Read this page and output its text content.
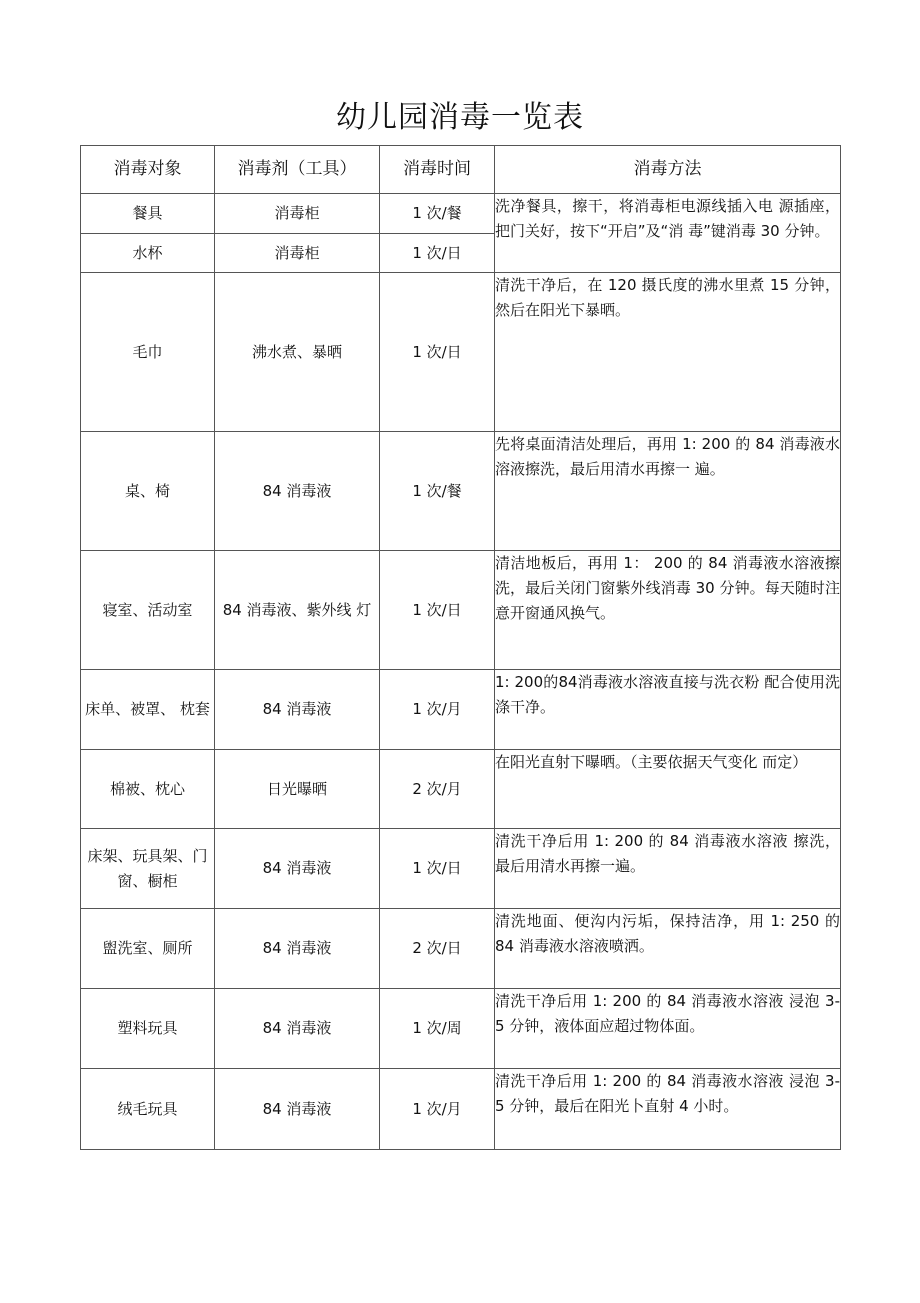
幼儿园消毒一览表
消毒对象	消毒剂（工具）	消毒时间	消毒方法
餐具	消毒柜	1 次/餐	洗净餐具，擦干，将消毒柜电源线插入电 源插座，把门关好，按下“开启”及“消 毒”键消毒 30 分钟。
水杯	消毒柜	1 次/日	
毛巾	沸水煮、暴晒	1 次/日	清洗干净后，在 120 摄氏度的沸水里煮 15 分钟，然后在阳光下暴晒。
桌、椅	84 消毒液	1 次/餐	先将桌面清洁处理后，再用 1: 200 的 84 消毒液水溶液擦洗，最后用清水再擦一 遍。
寝室、活动室	84 消毒液、紫外线 灯	1 次/日	清洁地板后，再用 1： 200 的 84 消毒液水溶液擦洗，最后关闭门窗紫外线消毒 30 分钟。每天随时注意开窗通风换气。
床单、被罩、 枕套	84 消毒液	1 次/月	1: 200的84消毒液水溶液直接与洗衣粉 配合使用洗涤干净。
棉被、枕心	日光曝晒	2 次/月	在阳光直射下曝晒。（主要依据天气变化 而定）
床架、玩具架、门窗、橱柜	84 消毒液	1 次/日	清洗干净后用 1: 200 的 84 消毒液水溶液 擦洗，最后用清水再擦一遍。
盥洗室、厕所	84 消毒液	2 次/日	清洗地面、便沟内污垢，保持洁净，用 1: 250 的 84 消毒液水溶液喷洒。
塑料玩具	84 消毒液	1 次/周	清洗干净后用 1: 200 的 84 消毒液水溶液 浸泡 3-5 分钟，液体面应超过物体面。
绒毛玩具	84 消毒液	1 次/月	清洗干净后用 1: 200 的 84 消毒液水溶液 浸泡 3-5 分钟，最后在阳光卜直射 4 小时。
